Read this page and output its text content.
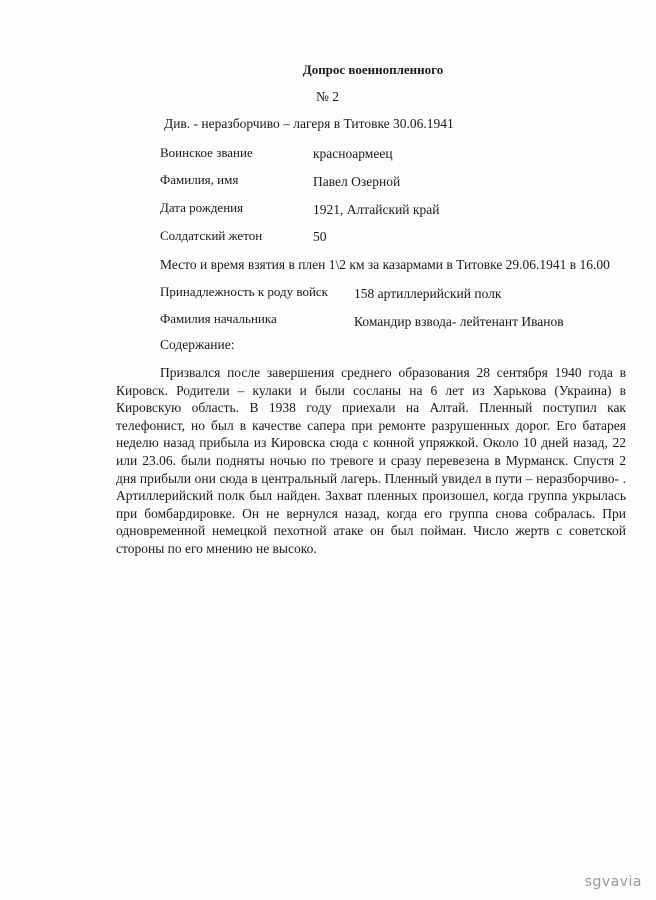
Допрос военнопленного
№ 2
Див. - неразборчиво – лагеря в Титовке 30.06.1941
Воинское звание	красноармеец
Фамилия, имя	Павел Озерной
Дата рождения	1921, Алтайский край
Солдатский жетон	50
Место и время взятия в плен 1\2 км за казармами в Титовке 29.06.1941 в 16.00
Принадлежность к роду войск 158 артиллерийский полк
Фамилия начальника	Командир взвода- лейтенант Иванов
Содержание:
Призвался после завершения среднего образования 28 сентября 1940 года в Кировск. Родители – кулаки и были сосланы на 6 лет из Харькова (Украина) в Кировскую область. В 1938 году приехали на Алтай. Пленный поступил как телефонист, но был в качестве сапера при ремонте разрушенных дорог. Его батарея неделю назад прибыла из Кировска сюда с конной упряжкой. Около 10 дней назад, 22 или 23.06. были подняты ночью по тревоге и сразу перевезена в Мурманск. Спустя 2 дня прибыли они сюда в центральный лагерь. Пленный увидел в пути – неразборчиво- . Артиллерийский полк был найден. Захват пленных произошел, когда группа укрылась при бомбардировке. Он не вернулся назад, когда его группа снова собралась. При одновременной немецкой пехотной атаке он был пойман. Число жертв с советской стороны по его мнению не высоко.
sgvavia
